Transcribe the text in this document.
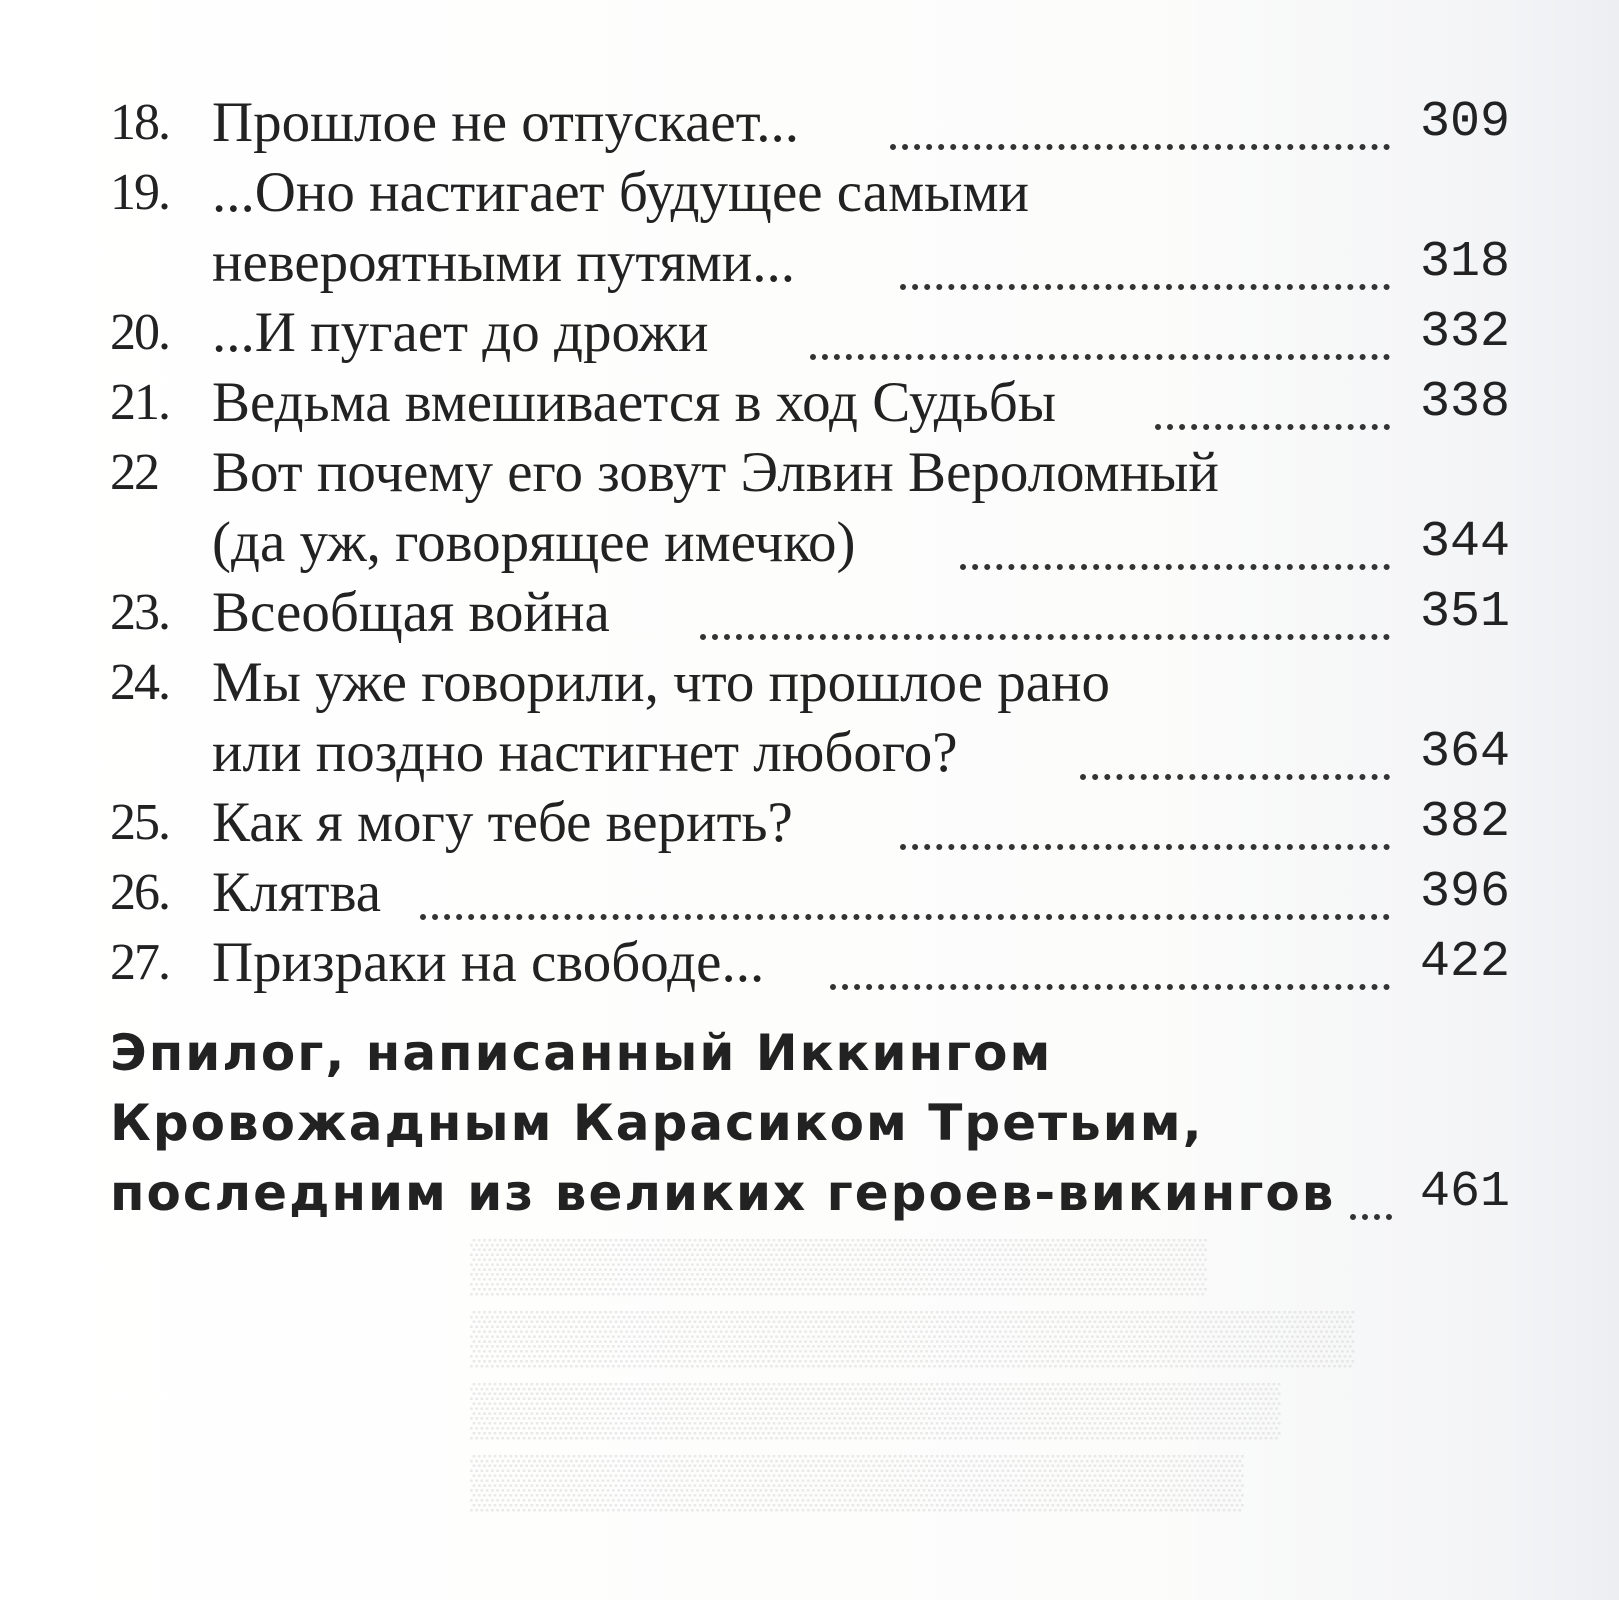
▒▒▒▒▒▒▒▒▒▒▒▒▒▒▒▒▒▒▒▒
▒▒▒▒▒▒▒▒▒▒▒▒▒▒▒▒▒▒▒▒▒▒▒▒
▒▒▒▒▒▒▒▒▒▒▒▒▒▒▒▒▒▒▒▒▒▒
▒▒▒▒▒▒▒▒▒▒▒▒▒▒▒▒▒▒▒▒▒
18. Прошлое не отпускает...	309
19. ...Оно настигает будущее самыми
невероятными путями...	318
20. ...И пугает до дрожи	332
21. Ведьма вмешивается в ход Судьбы	338
22 Вот почему его зовут Элвин Вероломный
(да уж, говорящее имечко)	344
23. Всеобщая война	351
24. Мы уже говорили, что прошлое рано
или поздно настигнет любого?	364
25. Как я могу тебе верить?	382
26. Клятва	396
27. Призраки на свободе...	422
Эпилог, написанный Иккингом
Кровожадным Карасиком Третьим,
последним из великих героев-викингов	461
